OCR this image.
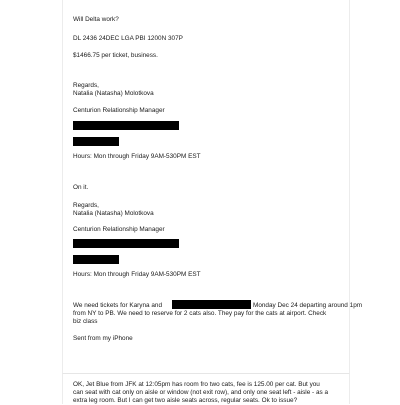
Will Delta work?
DL 2436 24DEC LGA PBI 1200N 307P
$1466.75 per ticket, business.
Regards,
Natalia (Natasha) Molotkova
Centurion Relationship Manager
Hours: Mon through Friday 9AM-530PM EST
On it.
Regards,
Natalia (Natasha) Molotkova
Centurion Relationship Manager
Hours: Mon through Friday 9AM-530PM EST
We need tickets for Karyna and	Monday Dec 24 departing around 1pm
from NY to PB. We need to reserve for 2 cats also. They pay for the cats at airport. Check
biz class
Sent from my iPhone
OK, Jet Blue from JFK at 12:05pm has room fro two cats, fee is 125.00 per cat. But you
can seat with cat only on aisle or window (not exit row), and only one seat left - aisle - as a
extra leg room. But I can get two aisle seats across, regular seats. Ok to issue?
